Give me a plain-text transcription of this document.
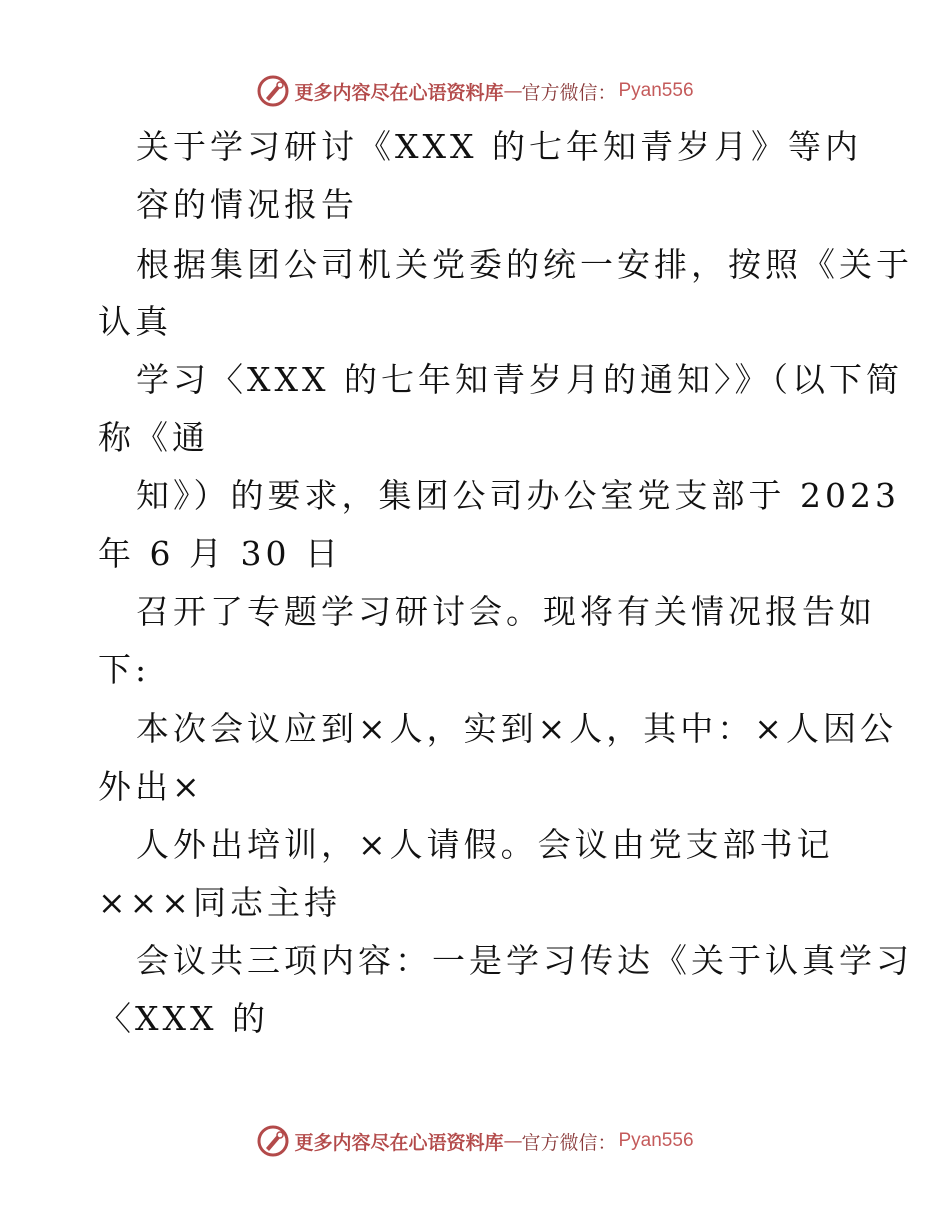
更多内容尽在心语资料库 — 官方微信： Pyan556
关于学习研讨《XXX 的七年知青岁月》等内
容的情况报告
根据集团公司机关党委的统一安排，按照《关于
认真
学习〈XXX 的七年知青岁月的通知〉》（以下简
称《通
知》）的要求，集团公司办公室党支部于 2023
年 6 月 30 日
召开了专题学习研讨会。现将有关情况报告如
下:
本次会议应到×人，实到×人，其中：×人因公
外出×
人外出培训，×人请假。会议由党支部书记
×××同志主持
会议共三项内容：一是学习传达《关于认真学习
〈XXX 的
更多内容尽在心语资料库 — 官方微信： Pyan556
